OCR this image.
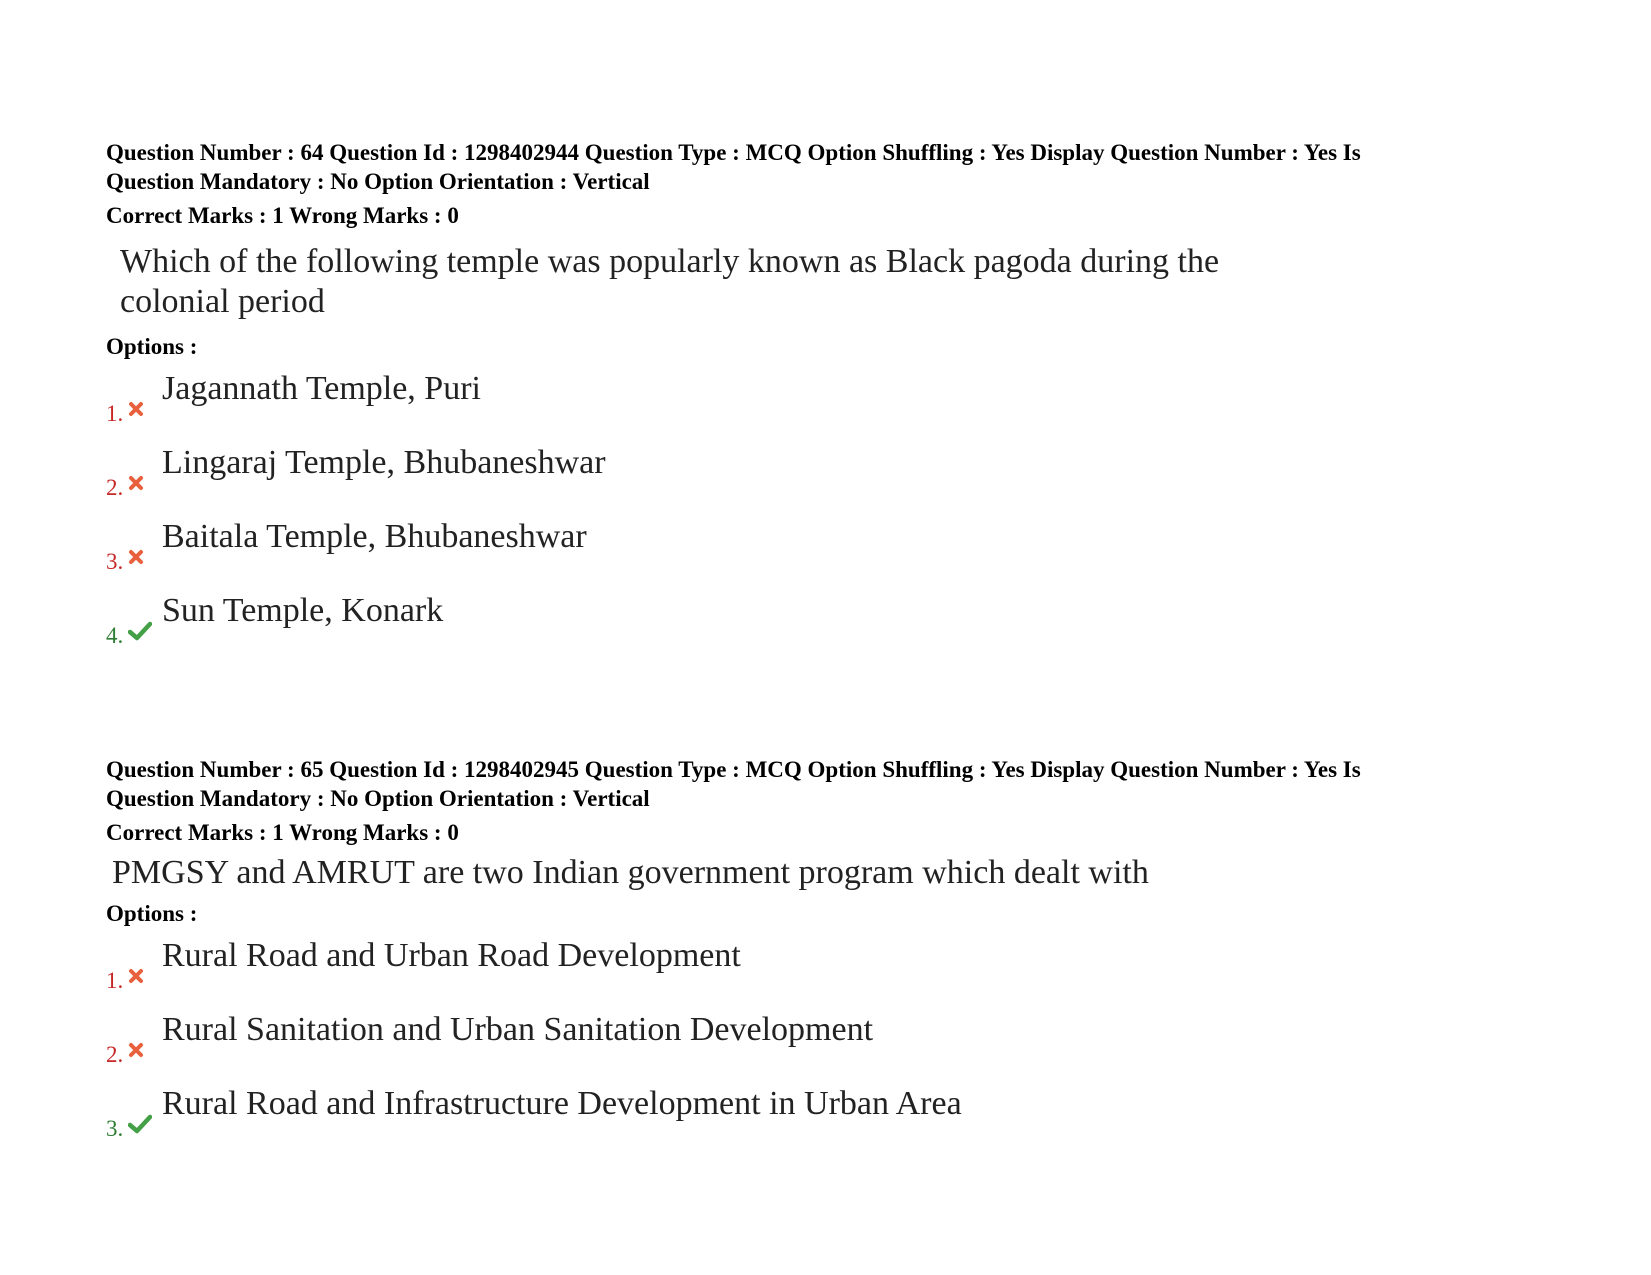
Question Number : 64 Question Id : 1298402944 Question Type : MCQ Option Shuffling : Yes Display Question Number : Yes Is
Question Mandatory : No Option Orientation : Vertical
Correct Marks : 1 Wrong Marks : 0
Which of the following temple was popularly known as Black pagoda during the colonial period
Options :
1.
Jagannath Temple, Puri
2.
Lingaraj Temple, Bhubaneshwar
3.
Baitala Temple, Bhubaneshwar
4.
Sun Temple, Konark
Question Number : 65 Question Id : 1298402945 Question Type : MCQ Option Shuffling : Yes Display Question Number : Yes Is
Question Mandatory : No Option Orientation : Vertical
Correct Marks : 1 Wrong Marks : 0
PMGSY and AMRUT are two Indian government program which dealt with
Options :
1.
Rural Road and Urban Road Development
2.
Rural Sanitation and Urban Sanitation Development
3.
Rural Road and Infrastructure Development in Urban Area
